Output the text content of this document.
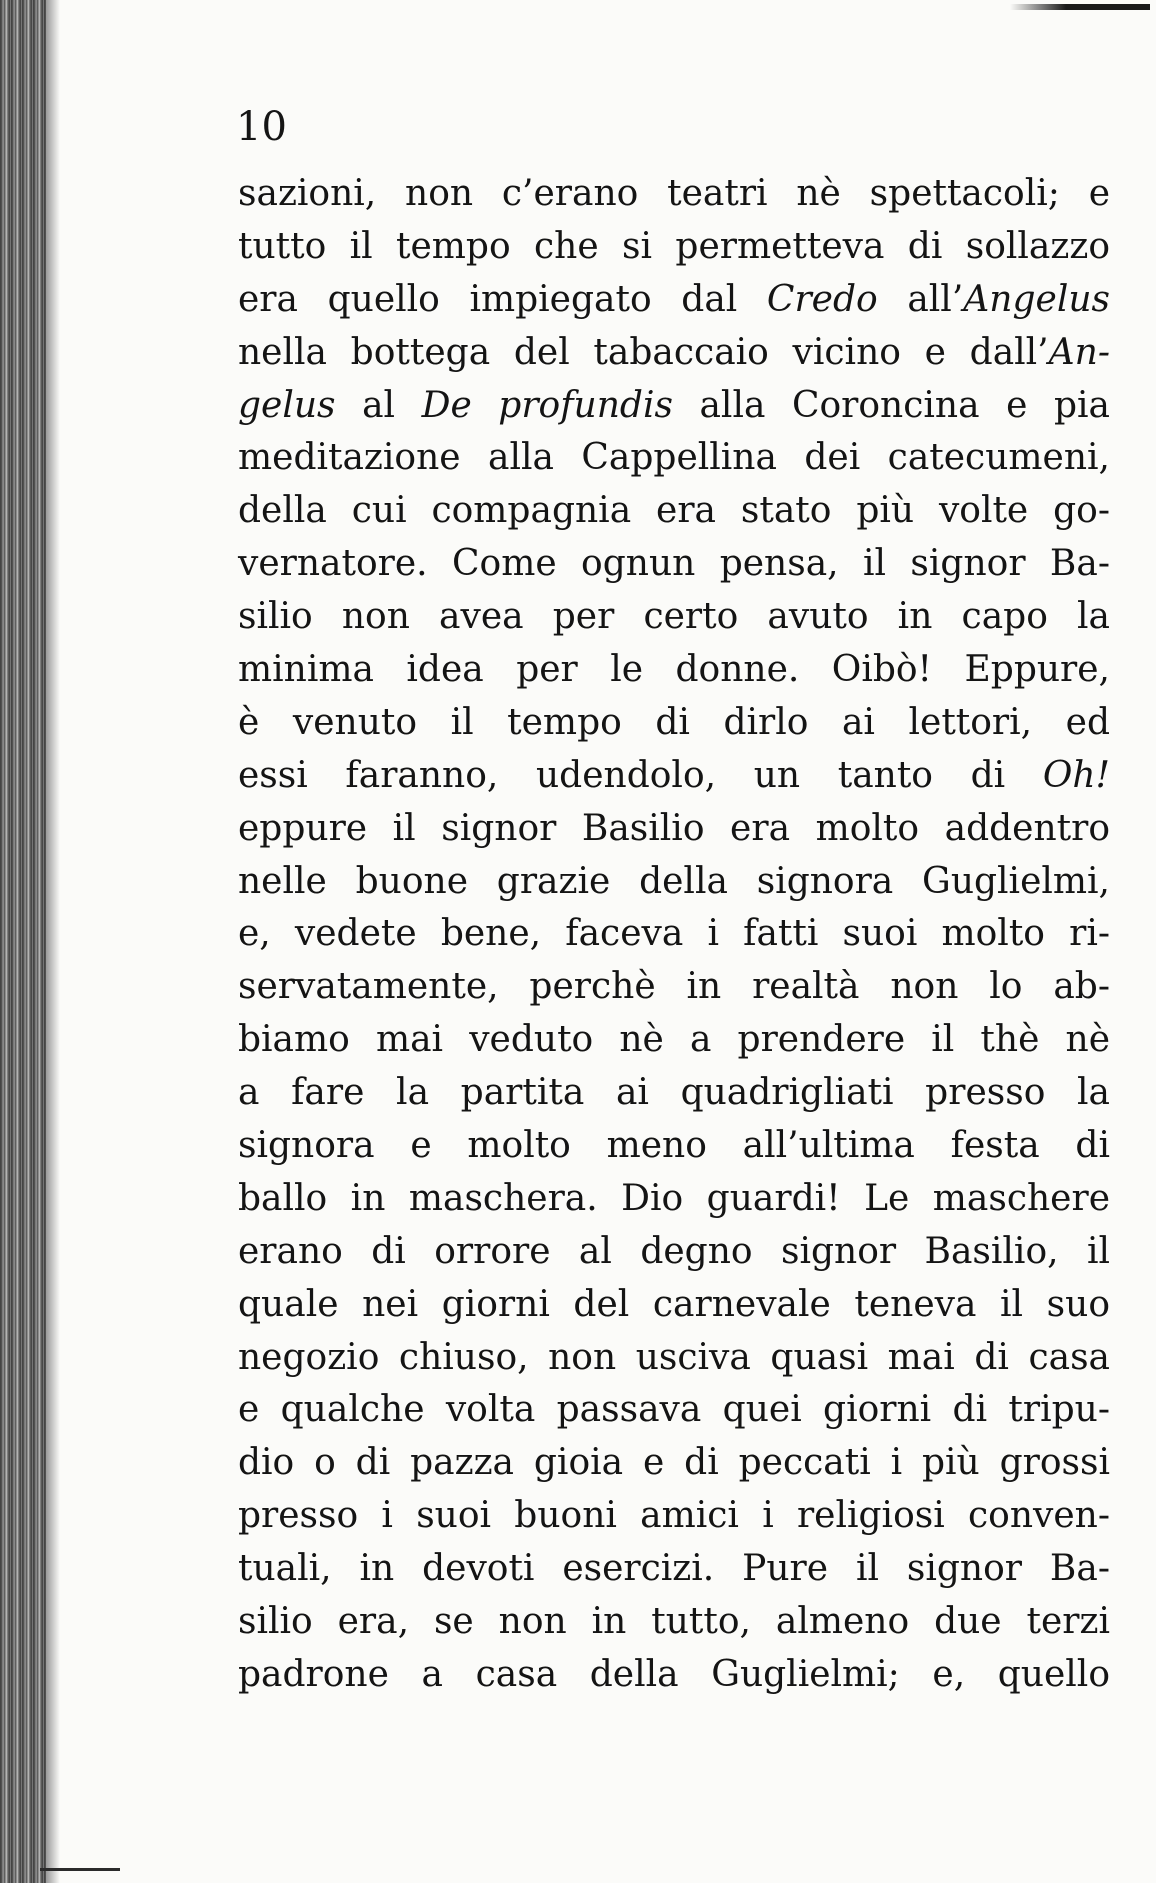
10
sazioni, non c’erano teatri nè spettacoli; e
tutto il tempo che si permetteva di sollazzo
era quello impiegato dal Credo all’Angelus
nella bottega del tabaccaio vicino e dall’An-
gelus al De profundis alla Coroncina e pia
meditazione alla Cappellina dei catecumeni,
della cui compagnia era stato più volte go-
vernatore. Come ognun pensa, il signor Ba-
silio non avea per certo avuto in capo la
minima idea per le donne. Oibò! Eppure,
è venuto il tempo di dirlo ai lettori, ed
essi faranno, udendolo, un tanto di Oh!
eppure il signor Basilio era molto addentro
nelle buone grazie della signora Guglielmi,
e, vedete bene, faceva i fatti suoi molto ri-
servatamente, perchè in realtà non lo ab-
biamo mai veduto nè a prendere il thè nè
a fare la partita ai quadrigliati presso la
signora e molto meno all’ultima festa di
ballo in maschera. Dio guardi! Le maschere
erano di orrore al degno signor Basilio, il
quale nei giorni del carnevale teneva il suo
negozio chiuso, non usciva quasi mai di casa
e qualche volta passava quei giorni di tripu-
dio o di pazza gioia e di peccati i più grossi
presso i suoi buoni amici i religiosi conven-
tuali, in devoti esercizi. Pure il signor Ba-
silio era, se non in tutto, almeno due terzi
padrone a casa della Guglielmi; e, quello
